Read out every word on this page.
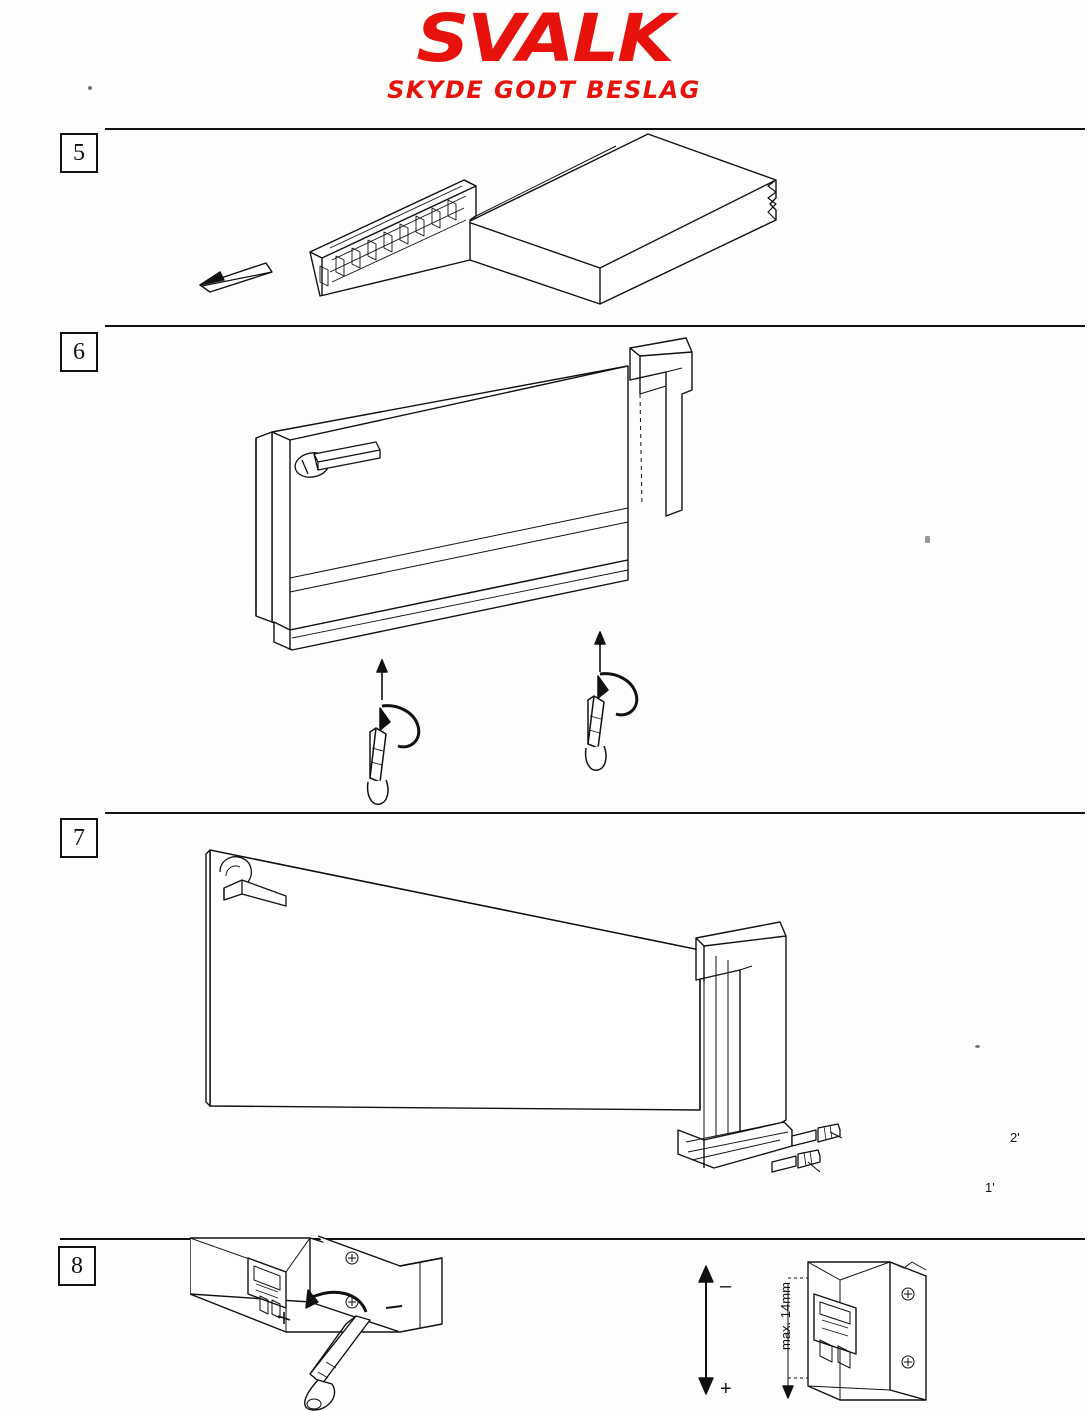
SVALK
SKYDE GODT BESLAG
5
6
7
2'
1'
8
–
+
max. 14mm
